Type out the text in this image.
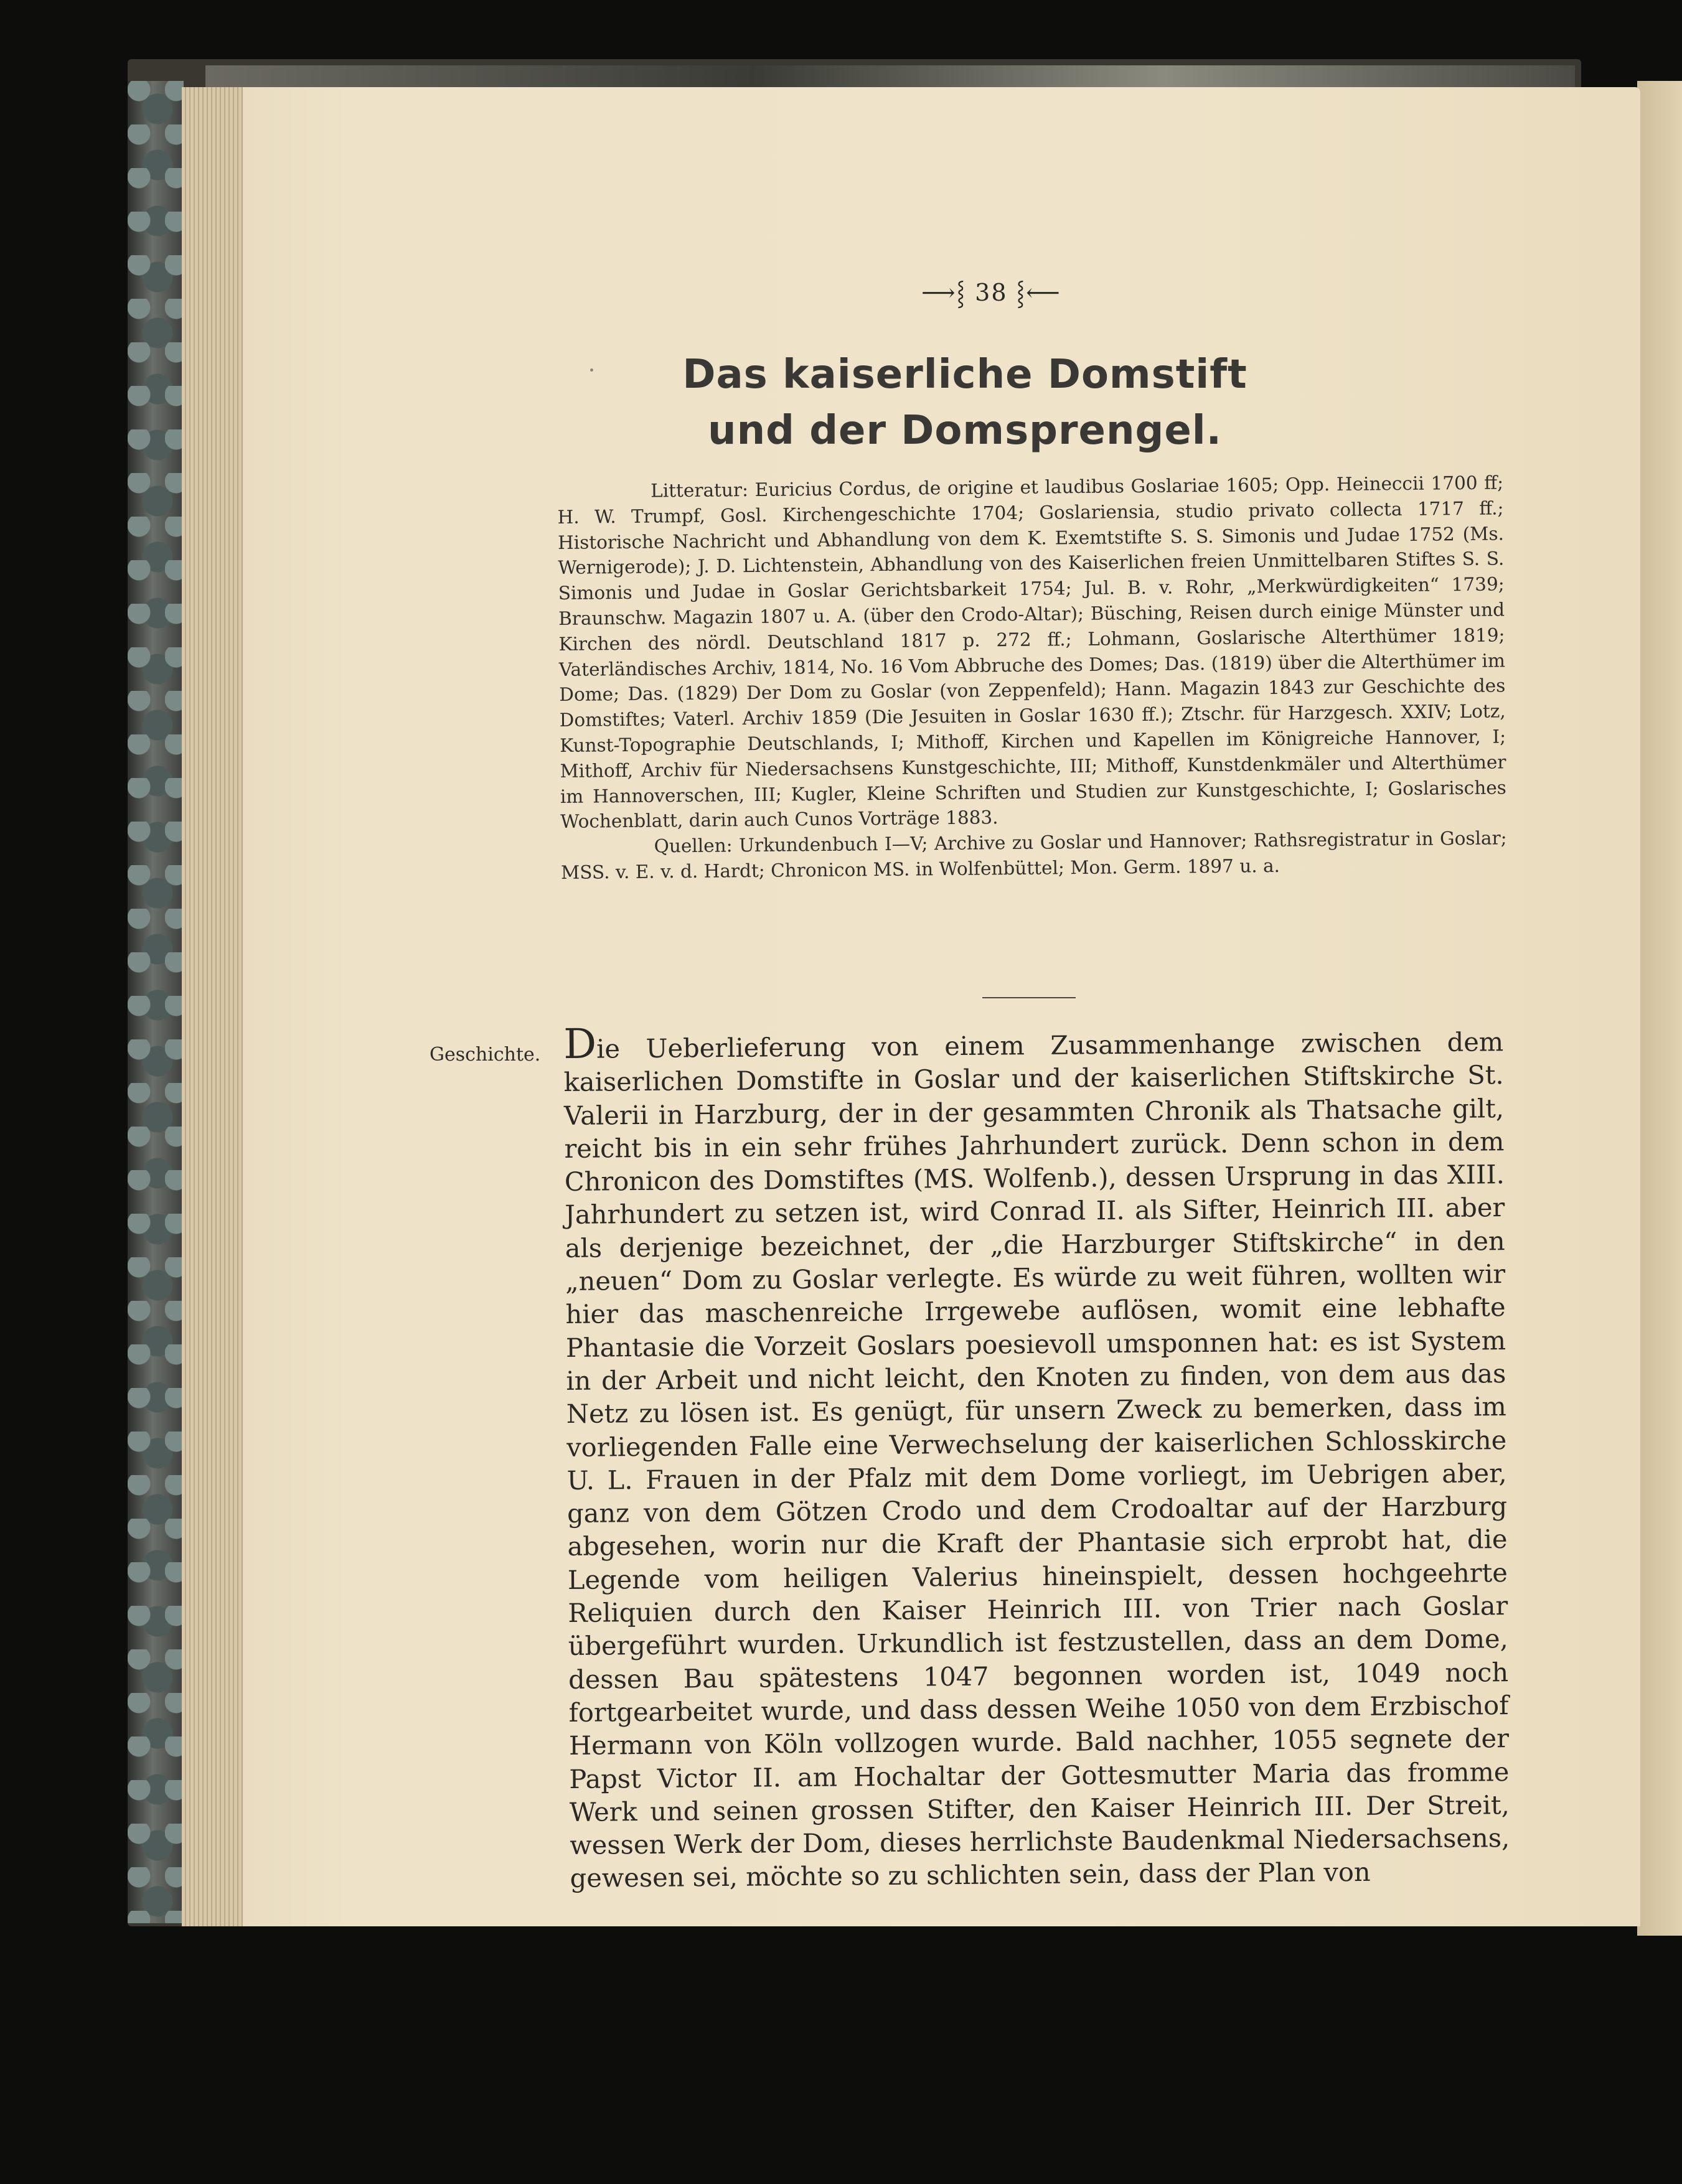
⟶⸾ 38 ⸾⟵
Das kaiserliche Domstift
und der Domsprengel.

Litteratur: Euricius Cordus, de origine et laudibus Goslariae 1605; Opp. Heineccii 1700 ff; H. W. Trumpf, Gosl. Kirchengeschichte 1704; Goslariensia, studio privato collecta 1717 ff.; Historische Nachricht und Abhandlung von dem K. Exemtstifte S. S. Simonis und Judae 1752 (Ms. Wernigerode); J. D. Lichtenstein, Abhandlung von des Kaiserlichen freien Unmittelbaren Stiftes S. S. Simonis und Judae in Goslar Gerichtsbarkeit 1754; Jul. B. v. Rohr, „Merkwürdigkeiten“ 1739; Braunschw. Magazin 1807 u. A. (über den Crodo-Altar); Büsching, Reisen durch einige Münster und Kirchen des nördl. Deutschland 1817 p. 272 ff.; Lohmann, Goslarische Alterthümer 1819; Vaterländisches Archiv, 1814, No. 16 Vom Abbruche des Domes; Das. (1819) über die Alterthümer im Dome; Das. (1829) Der Dom zu Goslar (von Zeppenfeld); Hann. Magazin 1843 zur Geschichte des Domstiftes; Vaterl. Archiv 1859 (Die Jesuiten in Goslar 1630 ff.); Ztschr. für Harzgesch. XXIV; Lotz, Kunst-Topographie Deutschlands, I; Mithoff, Kirchen und Kapellen im Königreiche Hannover, I; Mithoff, Archiv für Niedersachsens Kunstgeschichte, III; Mithoff, Kunstdenkmäler und Alterthümer im Hannoverschen, III; Kugler, Kleine Schriften und Studien zur Kunstgeschichte, I; Goslarisches Wochenblatt, darin auch Cunos Vorträge 1883.

Quellen: Urkundenbuch I—V; Archive zu Goslar und Hannover; Rathsregistratur in Goslar; MSS. v. E. v. d. Hardt; Chronicon MS. in Wolfenbüttel; Mon. Germ. 1897 u. a.

Geschichte. Die Ueberlieferung von einem Zusammenhange zwischen dem kaiserlichen Domstifte in Goslar und der kaiserlichen Stiftskirche St. Valerii in Harzburg, der in der gesammten Chronik als Thatsache gilt, reicht bis in ein sehr frühes Jahrhundert zurück. Denn schon in dem Chronicon des Domstiftes (MS. Wolfenb.), dessen Ursprung in das XIII. Jahrhundert zu setzen ist, wird Conrad II. als Sifter, Heinrich III. aber als derjenige bezeichnet, der „die Harzburger Stiftskirche“ in den „neuen“ Dom zu Goslar verlegte. Es würde zu weit führen, wollten wir hier das maschenreiche Irrgewebe auflösen, womit eine lebhafte Phantasie die Vorzeit Goslars poesievoll umsponnen hat: es ist System in der Arbeit und nicht leicht, den Knoten zu finden, von dem aus das Netz zu lösen ist. Es genügt, für unsern Zweck zu bemerken, dass im vorliegenden Falle eine Verwechselung der kaiserlichen Schlosskirche U. L. Frauen in der Pfalz mit dem Dome vorliegt, im Uebrigen aber, ganz von dem Götzen Crodo und dem Crodoaltar auf der Harzburg abgesehen, worin nur die Kraft der Phantasie sich erprobt hat, die Legende vom heiligen Valerius hineinspielt, dessen hochgeehrte Reliquien durch den Kaiser Heinrich III. von Trier nach Goslar übergeführt wurden. Urkundlich ist festzustellen, dass an dem Dome, dessen Bau spätestens 1047 begonnen worden ist, 1049 noch fortgearbeitet wurde, und dass dessen Weihe 1050 von dem Erzbischof Hermann von Köln vollzogen wurde. Bald nachher, 1055 segnete der Papst Victor II. am Hochaltar der Gottesmutter Maria das fromme Werk und seinen grossen Stifter, den Kaiser Heinrich III. Der Streit, wessen Werk der Dom, dieses herrlichste Baudenkmal Niedersachsens, gewesen sei, möchte so zu schlichten sein, dass der Plan von
